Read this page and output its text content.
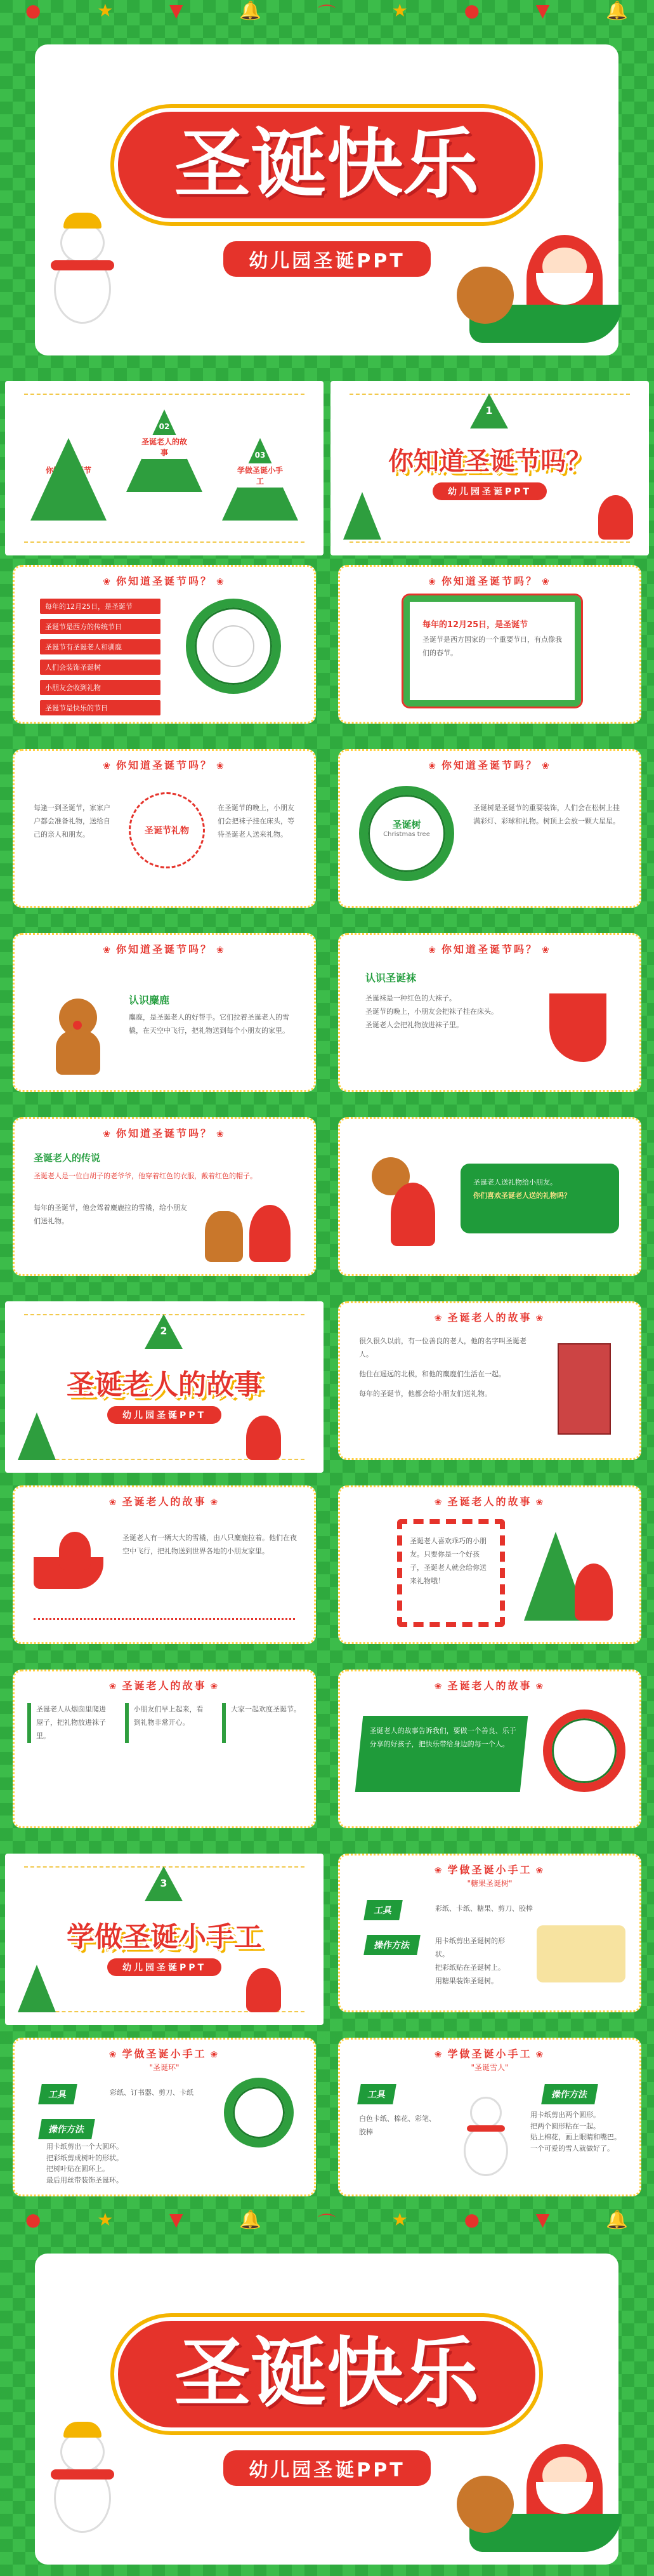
●	★	▼	🔔	⌒	★	●	▼	🔔
圣诞快乐
幼儿园圣诞PPT
01
你知道圣诞节吗？
02
圣诞老人的故事	03
学做圣诞小手工
1
你知道圣诞节吗？
幼儿园圣诞PPT
❀ 你知道圣诞节吗？ ❀
每年的12月25日，是圣诞节
圣诞节是西方的传统节日
圣诞节有圣诞老人和驯鹿
人们会装饰圣诞树
小朋友会收到礼物
圣诞节是快乐的节日
❀ 你知道圣诞节吗？ ❀
每年的12月25日，是圣诞节
圣诞节是西方国家的一个重要节日，有点像我们的春节。
❀ 你知道圣诞节吗？ ❀
每逢一到圣诞节，家家户户都会准备礼物，送给自己的亲人和朋友。	圣诞节礼物
在圣诞节的晚上，小朋友们会把袜子挂在床头，等待圣诞老人送来礼物。
❀ 你知道圣诞节吗？ ❀
圣诞树
Christmas tree
圣诞树是圣诞节的重要装饰，人们会在松树上挂满彩灯、彩球和礼物。树顶上会放一颗大星星。
❀ 你知道圣诞节吗？ ❀
认识麋鹿
麋鹿，是圣诞老人的好帮手。它们拉着圣诞老人的雪橇，在天空中飞行，把礼物送到每个小朋友的家里。
❀ 你知道圣诞节吗？ ❀
认识圣诞袜
圣诞袜是一种红色的大袜子。
圣诞节的晚上，小朋友会把袜子挂在床头。
圣诞老人会把礼物放进袜子里。
❀ 你知道圣诞节吗？ ❀
圣诞老人的传说
圣诞老人是一位白胡子的老爷爷，他穿着红色的衣服，戴着红色的帽子。
每年的圣诞节，他会驾着麋鹿拉的雪橇，给小朋友们送礼物。
圣诞老人送礼物给小朋友。
你们喜欢圣诞老人送的礼物吗？
2
圣诞老人的故事
幼儿园圣诞PPT
❀ 圣诞老人的故事 ❀
很久很久以前，有一位善良的老人，他的名字叫圣诞老人。
他住在遥远的北极，和他的麋鹿们生活在一起。
每年的圣诞节，他都会给小朋友们送礼物。
❀ 圣诞老人的故事 ❀
圣诞老人有一辆大大的雪橇，由八只麋鹿拉着。他们在夜空中飞行，把礼物送到世界各地的小朋友家里。
❀ 圣诞老人的故事 ❀
圣诞老人喜欢乖巧的小朋友。只要你是一个好孩子，圣诞老人就会给你送来礼物哦！
❀ 圣诞老人的故事 ❀
圣诞老人从烟囱里爬进屋子，把礼物放进袜子里。
小朋友们早上起来，看到礼物非常开心。
大家一起欢度圣诞节。
❀ 圣诞老人的故事 ❀
圣诞老人的故事告诉我们，要做一个善良、乐于分享的好孩子，把快乐带给身边的每一个人。
3
学做圣诞小手工
幼儿园圣诞PPT
❀ 学做圣诞小手工 ❀
"糖果圣诞树"
工具	彩纸、卡纸、糖果、剪刀、胶棒
操作方法	用卡纸剪出圣诞树的形状。
把彩纸贴在圣诞树上。
用糖果装饰圣诞树。
❀ 学做圣诞小手工 ❀
"圣诞环"
工具	彩纸、订书器、剪刀、卡纸
操作方法
用卡纸剪出一个大圆环。
把彩纸剪成树叶的形状。
把树叶贴在圆环上。
最后用丝带装饰圣诞环。
❀ 学做圣诞小手工 ❀
"圣诞雪人"
工具
白色卡纸、棉花、彩笔、胶棒
操作方法
用卡纸剪出两个圆形。
把两个圆形粘在一起。
贴上棉花，画上眼睛和嘴巴。
一个可爱的雪人就做好了。
●	★	▼	🔔	⌒	★	●	▼	🔔
圣诞快乐
幼儿园圣诞PPT
